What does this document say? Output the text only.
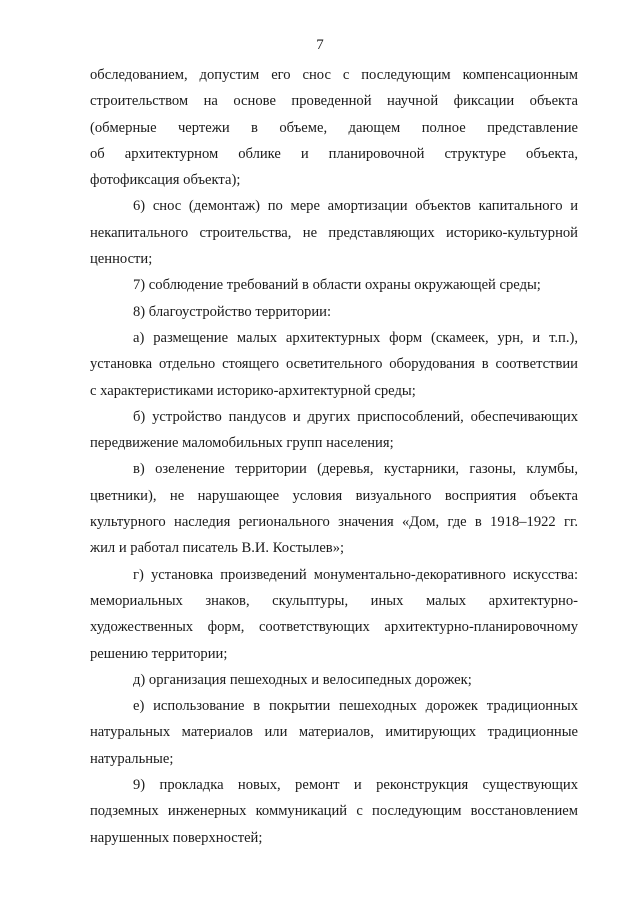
7
обследованием, допустим его снос с последующим компенсационным
строительством на основе проведенной научной фиксации объекта
(обмерные чертежи в объеме, дающем полное представление
об архитектурном облике и планировочной структуре объекта,
фотофиксация объекта);
6) снос (демонтаж) по мере амортизации объектов капитального и
некапитального строительства, не представляющих историко-культурной
ценности;
7) соблюдение требований в области охраны окружающей среды;
8) благоустройство территории:
а) размещение малых архитектурных форм (скамеек, урн, и т.п.),
установка отдельно стоящего осветительного оборудования в соответствии
с характеристиками историко-архитектурной среды;
б) устройство пандусов и других приспособлений, обеспечивающих
передвижение маломобильных групп населения;
в) озеленение территории (деревья, кустарники, газоны, клумбы,
цветники), не нарушающее условия визуального восприятия объекта
культурного наследия регионального значения «Дом, где в 1918–1922 гг.
жил и работал писатель В.И. Костылев»;
г) установка произведений монументально-декоративного искусства:
мемориальных знаков, скульптуры, иных малых архитектурно-
художественных форм, соответствующих архитектурно-планировочному
решению территории;
д) организация пешеходных и велосипедных дорожек;
е) использование в покрытии пешеходных дорожек традиционных
натуральных материалов или материалов, имитирующих традиционные
натуральные;
9) прокладка новых, ремонт и реконструкция существующих
подземных инженерных коммуникаций с последующим восстановлением
нарушенных поверхностей;
